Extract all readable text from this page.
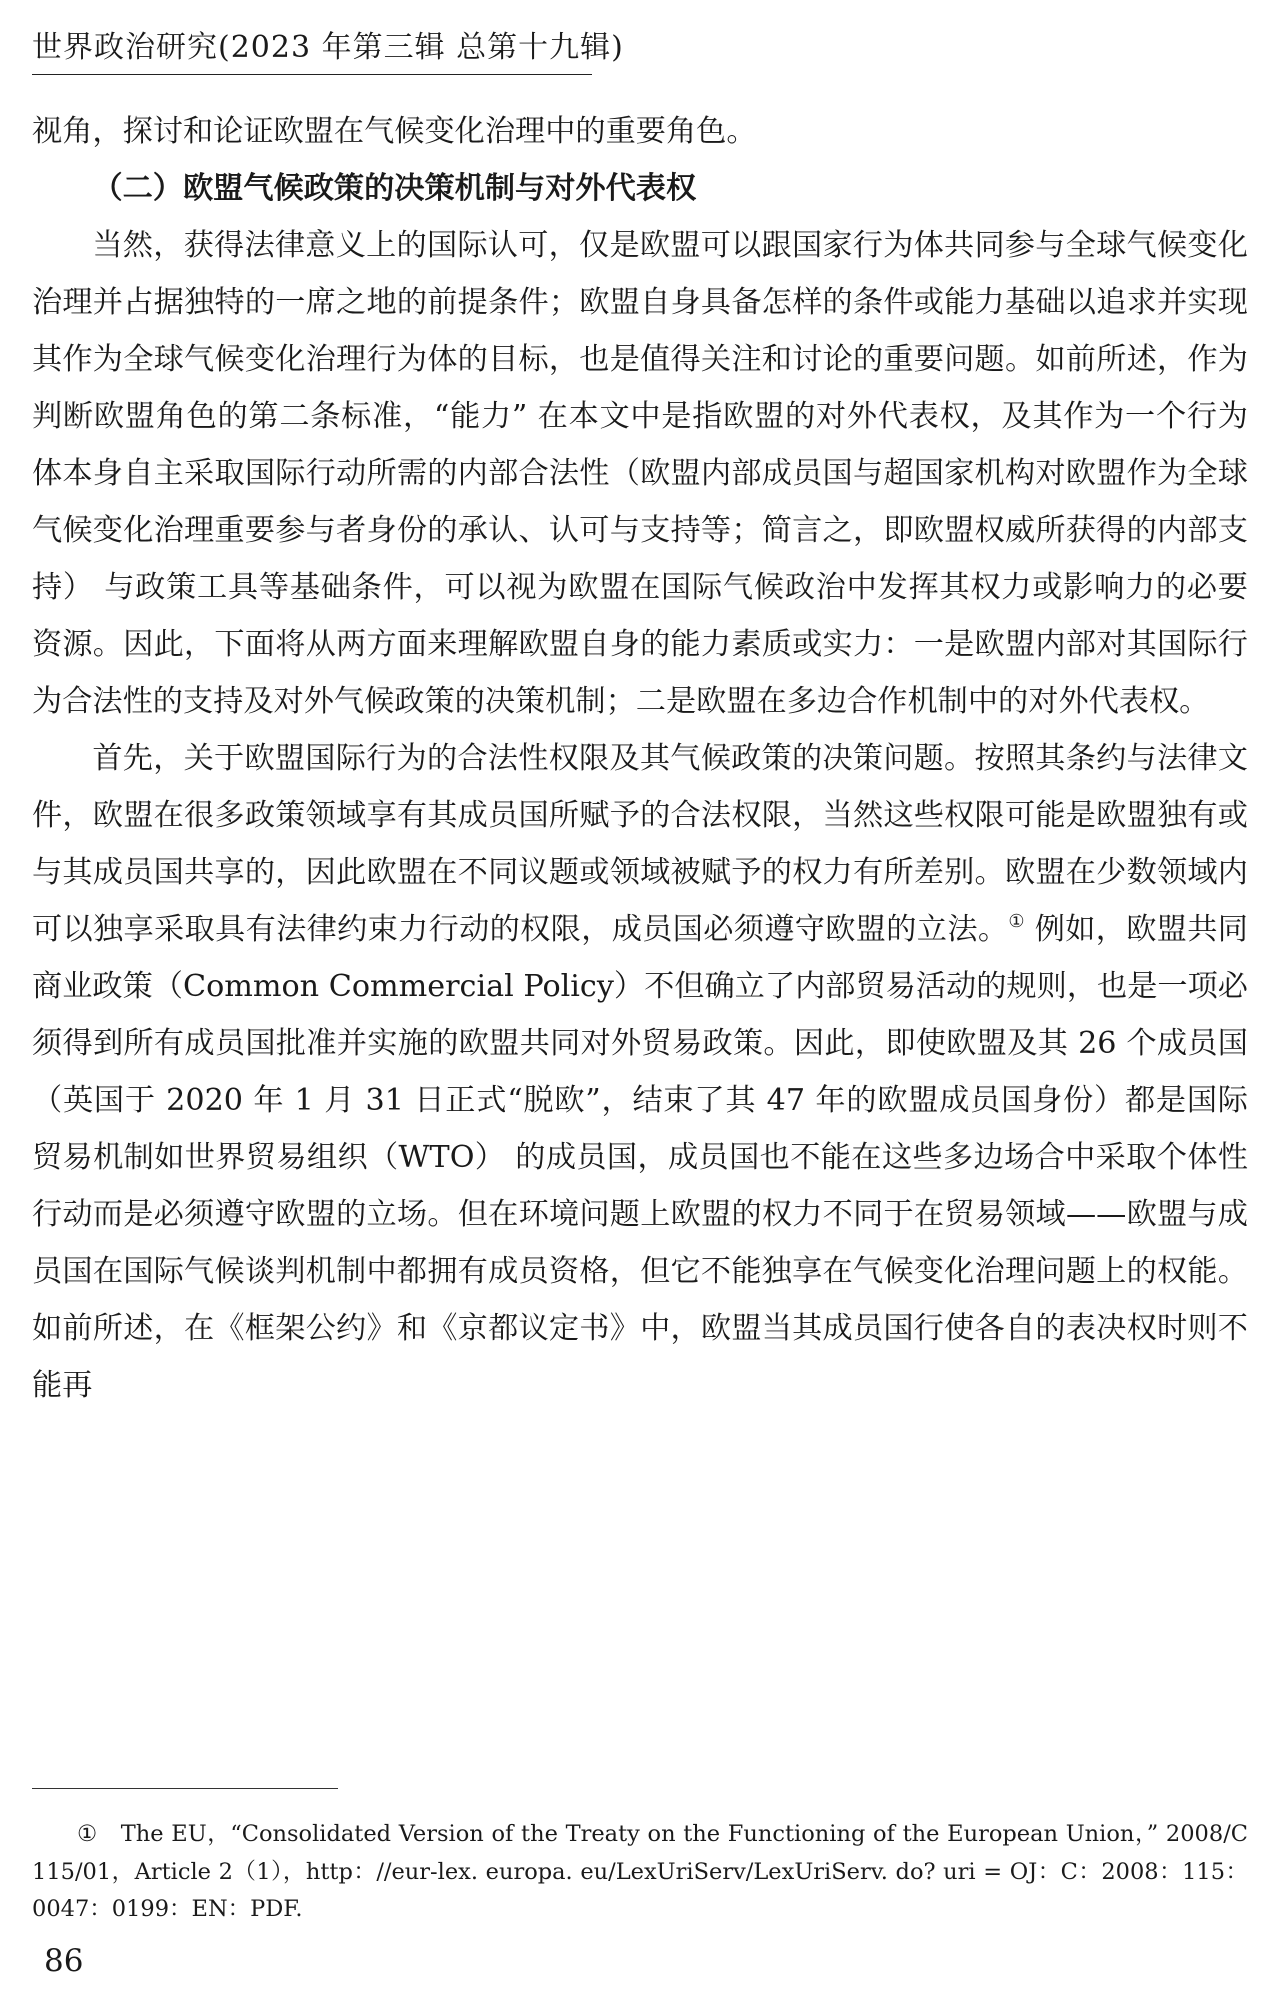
世界政治研究(2023 年第三辑 总第十九辑)

视角，探讨和论证欧盟在气候变化治理中的重要角色。

（二）欧盟气候政策的决策机制与对外代表权

当然，获得法律意义上的国际认可，仅是欧盟可以跟国家行为体共同参与全球气候变化治理并占据独特的一席之地的前提条件；欧盟自身具备怎样的条件或能力基础以追求并实现其作为全球气候变化治理行为体的目标，也是值得关注和讨论的重要问题。如前所述，作为判断欧盟角色的第二条标准，“能力” 在本文中是指欧盟的对外代表权，及其作为一个行为体本身自主采取国际行动所需的内部合法性（欧盟内部成员国与超国家机构对欧盟作为全球气候变化治理重要参与者身份的承认、认可与支持等；简言之，即欧盟权威所获得的内部支持） 与政策工具等基础条件，可以视为欧盟在国际气候政治中发挥其权力或影响力的必要资源。因此，下面将从两方面来理解欧盟自身的能力素质或实力：一是欧盟内部对其国际行为合法性的支持及对外气候政策的决策机制；二是欧盟在多边合作机制中的对外代表权。

首先，关于欧盟国际行为的合法性权限及其气候政策的决策问题。按照其条约与法律文件，欧盟在很多政策领域享有其成员国所赋予的合法权限，当然这些权限可能是欧盟独有或与其成员国共享的，因此欧盟在不同议题或领域被赋予的权力有所差别。欧盟在少数领域内可以独享采取具有法律约束力行动的权限，成员国必须遵守欧盟的立法。① 例如，欧盟共同商业政策（Common Commercial Policy）不但确立了内部贸易活动的规则，也是一项必须得到所有成员国批准并实施的欧盟共同对外贸易政策。因此，即使欧盟及其 26 个成员国（英国于 2020 年 1 月 31 日正式“脱欧”，结束了其 47 年的欧盟成员国身份）都是国际贸易机制如世界贸易组织（WTO） 的成员国，成员国也不能在这些多边场合中采取个体性行动而是必须遵守欧盟的立场。但在环境问题上欧盟的权力不同于在贸易领域——欧盟与成员国在国际气候谈判机制中都拥有成员资格，但它不能独享在气候变化治理问题上的权能。如前所述，在《框架公约》和《京都议定书》中，欧盟当其成员国行使各自的表决权时则不能再

①　The EU，“Consolidated Version of the Treaty on the Functioning of the European Union，” 2008/C 115/01，Article 2（1），http：//eur-lex. europa. eu/LexUriServ/LexUriServ. do? uri = OJ：C：2008：115：0047：0199：EN：PDF.

86
